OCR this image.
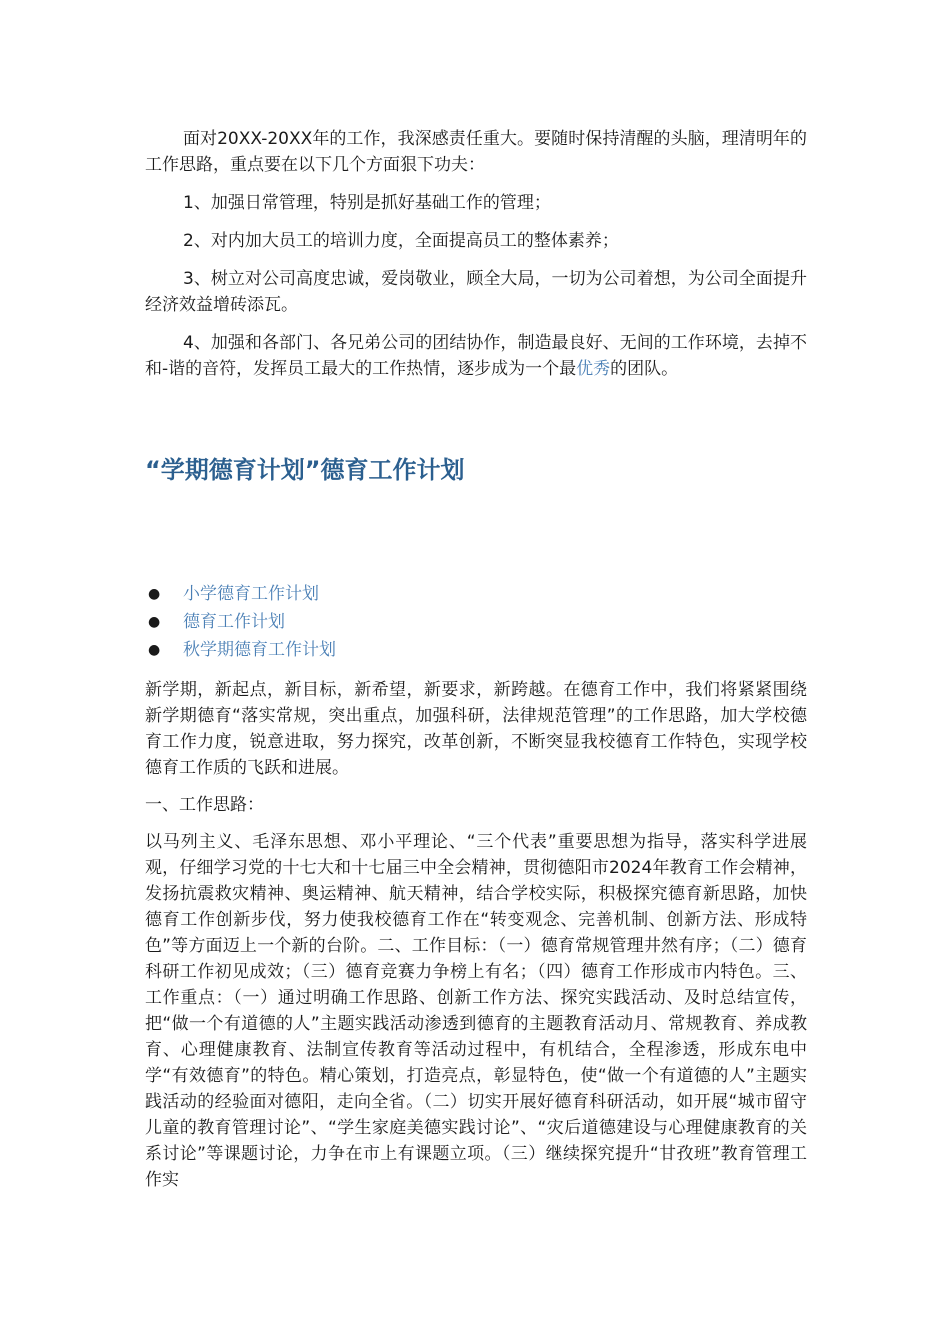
面对20XX-20XX年的工作，我深感责任重大。要随时保持清醒的头脑，理清明年的工作思路，重点要在以下几个方面狠下功夫：

1、加强日常管理，特别是抓好基础工作的管理；

2、对内加大员工的培训力度，全面提高员工的整体素养；

3、树立对公司高度忠诚，爱岗敬业，顾全大局，一切为公司着想，为公司全面提升经济效益增砖添瓦。

4、加强和各部门、各兄弟公司的团结协作，制造最良好、无间的工作环境，去掉不和-谐的音符，发挥员工最大的工作热情，逐步成为一个最优秀的团队。

“学期德育计划”德育工作计划
● 小学德育工作计划
● 德育工作计划
● 秋学期德育工作计划

新学期，新起点，新目标，新希望，新要求，新跨越。在德育工作中，我们将紧紧围绕新学期德育“落实常规，突出重点，加强科研，法律规范管理”的工作思路，加大学校德育工作力度，锐意进取，努力探究，改革创新，不断突显我校德育工作特色，实现学校德育工作质的飞跃和进展。

一、工作思路：

以马列主义、毛泽东思想、邓小平理论、“三个代表”重要思想为指导，落实科学进展观，仔细学习党的十七大和十七届三中全会精神，贯彻德阳市2024年教育工作会精神，发扬抗震救灾精神、奥运精神、航天精神，结合学校实际，积极探究德育新思路，加快德育工作创新步伐，努力使我校德育工作在“转变观念、完善机制、创新方法、形成特色”等方面迈上一个新的台阶。二、工作目标：（一）德育常规管理井然有序；（二）德育科研工作初见成效；（三）德育竞赛力争榜上有名；（四）德育工作形成市内特色。三、工作重点：（一）通过明确工作思路、创新工作方法、探究实践活动、及时总结宣传，把“做一个有道德的人”主题实践活动渗透到德育的主题教育活动月、常规教育、养成教育、心理健康教育、法制宣传教育等活动过程中，有机结合，全程渗透，形成东电中学“有效德育”的特色。精心策划，打造亮点，彰显特色，使“做一个有道德的人”主题实践活动的经验面对德阳，走向全省。（二）切实开展好德育科研活动，如开展“城市留守儿童的教育管理讨论”、“学生家庭美德实践讨论”、“灾后道德建设与心理健康教育的关系讨论”等课题讨论，力争在市上有课题立项。（三）继续探究提升“甘孜班”教育管理工作实
